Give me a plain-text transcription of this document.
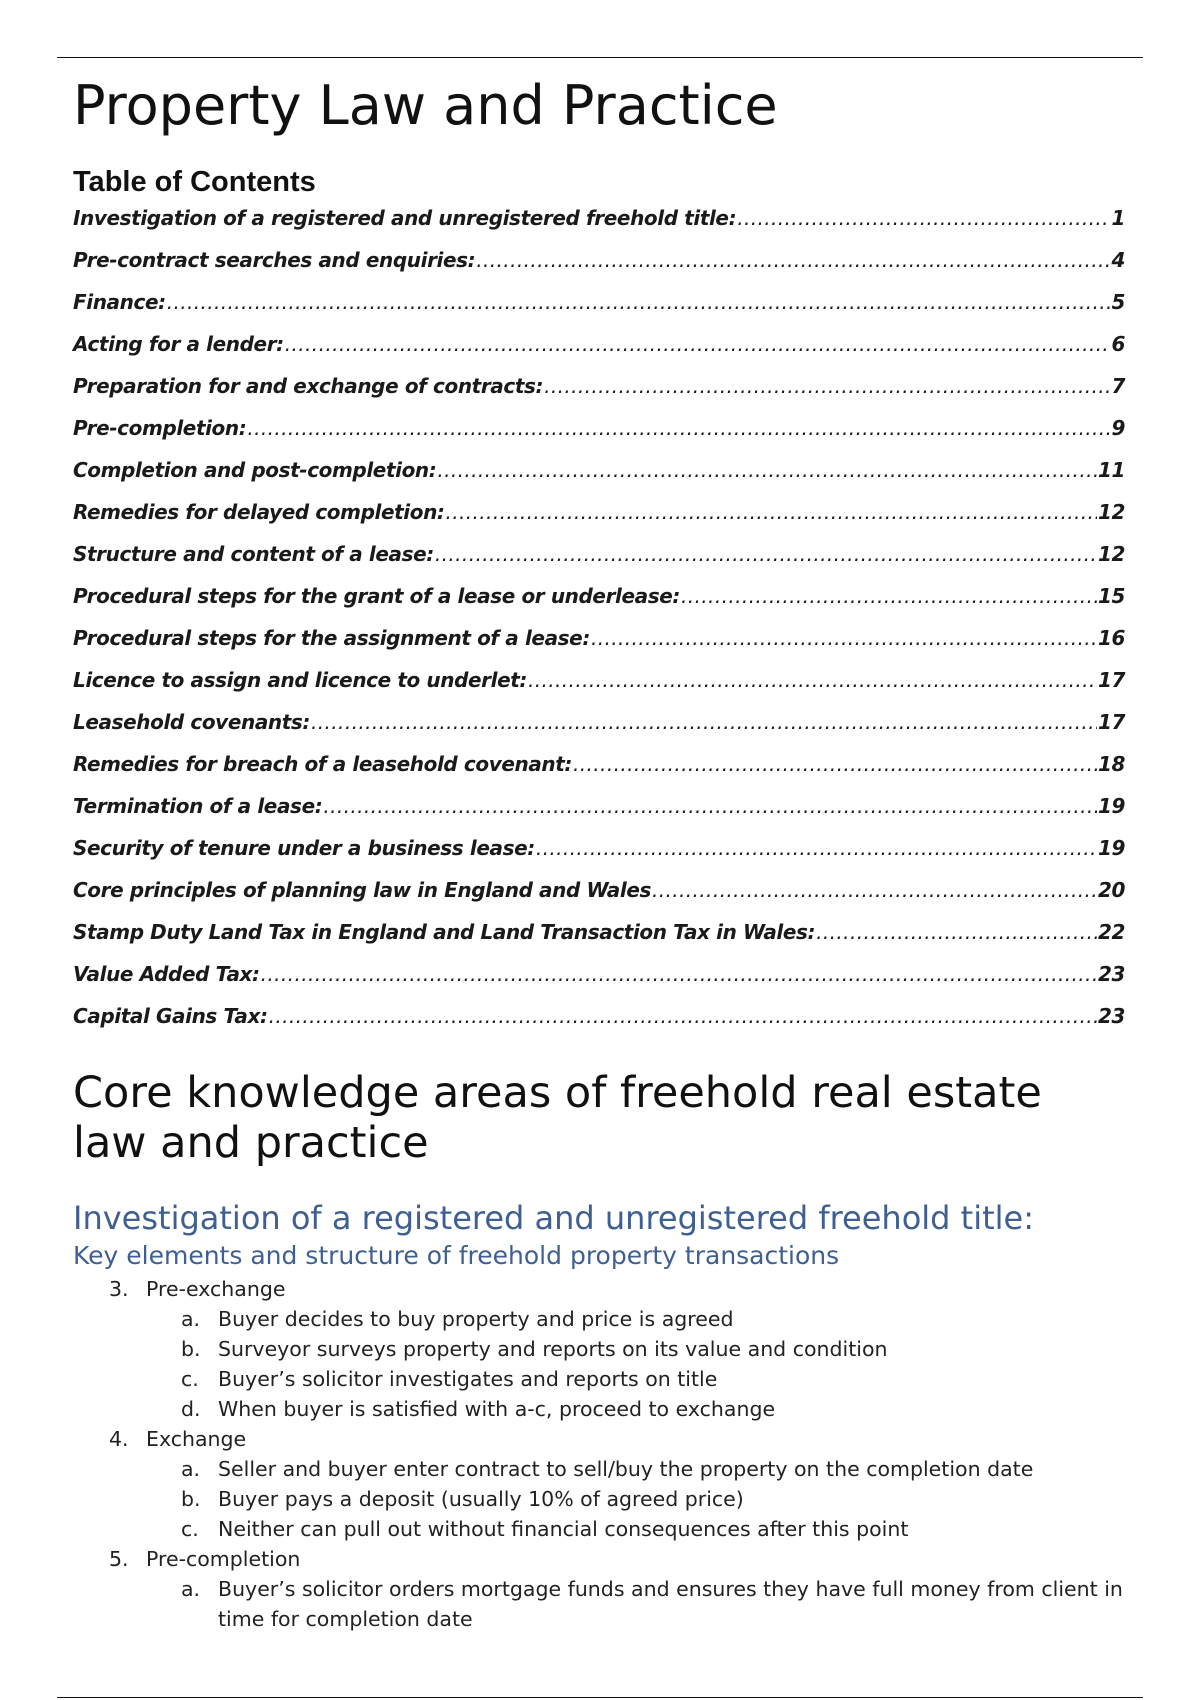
Property Law and Practice
Table of Contents
Investigation of a registered and unregistered freehold title: .....	1
Pre-contract searches and enquiries: .....	4
Finance: .....	5
Acting for a lender: .....	6
Preparation for and exchange of contracts: .....	7
Pre-completion: .....	9
Completion and post-completion: .....	11
Remedies for delayed completion: .....	12
Structure and content of a lease: .....	12
Procedural steps for the grant of a lease or underlease: .....	15
Procedural steps for the assignment of a lease: .....	16
Licence to assign and licence to underlet: .....	17
Leasehold covenants: .....	17
Remedies for breach of a leasehold covenant: .....	18
Termination of a lease: .....	19
Security of tenure under a business lease: .....	19
Core principles of planning law in England and Wales .....	20
Stamp Duty Land Tax in England and Land Transaction Tax in Wales: .....	22
Value Added Tax: .....	23
Capital Gains Tax: .....	23
Core knowledge areas of freehold real estate law and practice
Investigation of a registered and unregistered freehold title:
Key elements and structure of freehold property transactions
3. Pre-exchange
a. Buyer decides to buy property and price is agreed
b. Surveyor surveys property and reports on its value and condition
c. Buyer’s solicitor investigates and reports on title
d. When buyer is satisfied with a-c, proceed to exchange
4. Exchange
a. Seller and buyer enter contract to sell/buy the property on the completion date
b. Buyer pays a deposit (usually 10% of agreed price)
c. Neither can pull out without financial consequences after this point
5. Pre-completion
a. Buyer’s solicitor orders mortgage funds and ensures they have full money from client in time for completion date
